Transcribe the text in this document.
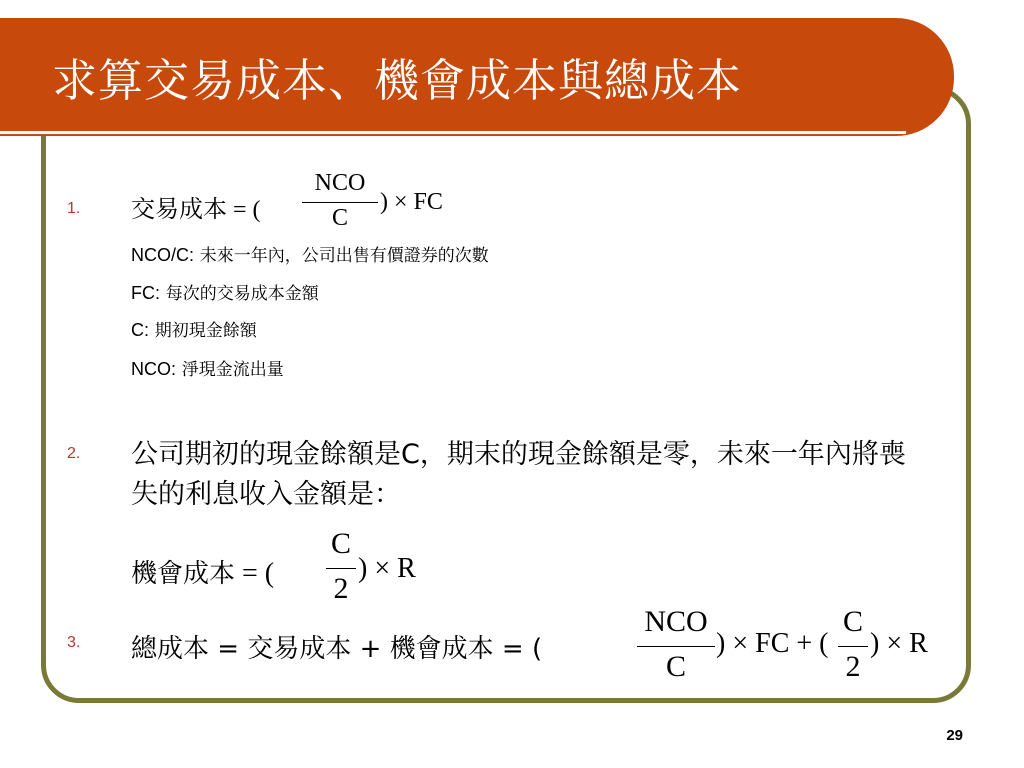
求算交易成本、機會成本與總成本
1. 交易成本 = (
NCO
C
) × FC
NCO/C: 未來一年內，公司出售有價證券的次數
FC: 每次的交易成本金額
C: 期初現金餘額
NCO: 淨現金流出量
2. 公司期初的現金餘額是C，期末的現金餘額是零，未來一年內將喪失的利息收入金額是：
機會成本 = (
C
2
) × R
3. 總成本 = 交易成本 + 機會成本 = (
NCO
C
) × FC + (
C
2
) × R
29
